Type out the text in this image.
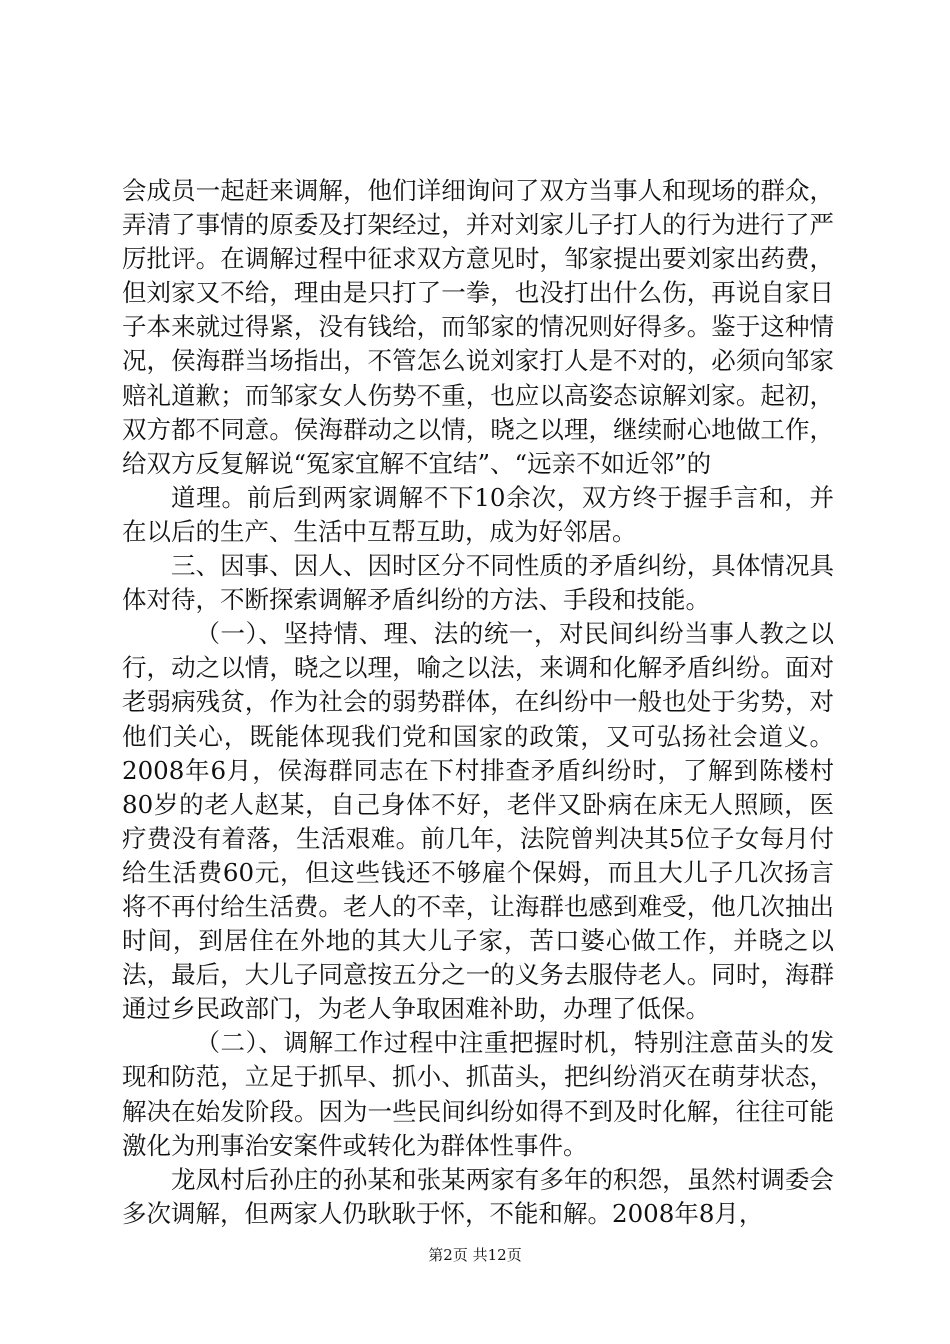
会成员一起赶来调解，他们详细询问了双方当事人和现场的群众，弄清了事情的原委及打架经过，并对刘家儿子打人的行为进行了严厉批评。在调解过程中征求双方意见时，邹家提出要刘家出药费，但刘家又不给，理由是只打了一拳，也没打出什么伤，再说自家日子本来就过得紧，没有钱给，而邹家的情况则好得多。鉴于这种情况，侯海群当场指出，不管怎么说刘家打人是不对的，必须向邹家赔礼道歉；而邹家女人伤势不重，也应以高姿态谅解刘家。起初，双方都不同意。侯海群动之以情，晓之以理，继续耐心地做工作，给双方反复解说“冤家宜解不宜结”、“远亲不如近邻”的

道理。前后到两家调解不下10余次，双方终于握手言和，并在以后的生产、生活中互帮互助，成为好邻居。

三、因事、因人、因时区分不同性质的矛盾纠纷，具体情况具体对待，不断探索调解矛盾纠纷的方法、手段和技能。

（一）、坚持情、理、法的统一，对民间纠纷当事人教之以行，动之以情，晓之以理，喻之以法，来调和化解矛盾纠纷。面对老弱病残贫，作为社会的弱势群体，在纠纷中一般也处于劣势，对他们关心，既能体现我们党和国家的政策，又可弘扬社会道义。2008年6月，侯海群同志在下村排查矛盾纠纷时，了解到陈楼村80岁的老人赵某，自己身体不好，老伴又卧病在床无人照顾，医疗费没有着落，生活艰难。前几年，法院曾判决其5位子女每月付给生活费60元，但这些钱还不够雇个保姆，而且大儿子几次扬言将不再付给生活费。老人的不幸，让海群也感到难受，他几次抽出时间，到居住在外地的其大儿子家，苦口婆心做工作，并晓之以法，最后，大儿子同意按五分之一的义务去服侍老人。同时，海群通过乡民政部门，为老人争取困难补助，办理了低保。

（二）、调解工作过程中注重把握时机，特别注意苗头的发现和防范，立足于抓早、抓小、抓苗头，把纠纷消灭在萌芽状态，解决在始发阶段。因为一些民间纠纷如得不到及时化解，往往可能激化为刑事治安案件或转化为群体性事件。

龙凤村后孙庄的孙某和张某两家有多年的积怨，虽然村调委会多次调解，但两家人仍耿耿于怀，不能和解。2008年8月，

第2页 共12页
